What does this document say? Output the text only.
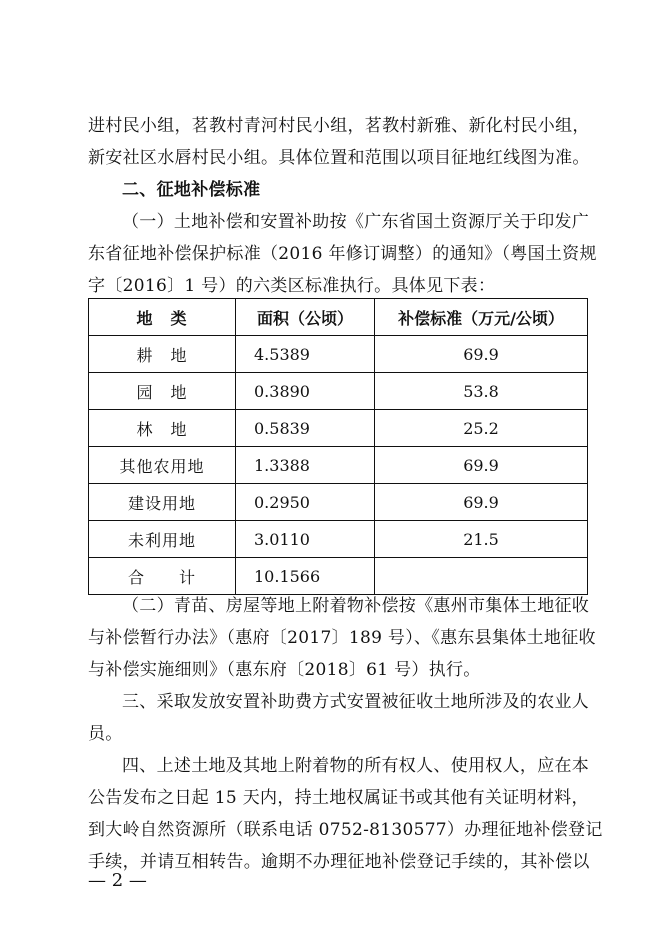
进村民小组，茗教村青河村民小组，茗教村新雅、新化村民小组，
新安社区水唇村民小组。具体位置和范围以项目征地红线图为准。
二、征地补偿标准
（一）土地补偿和安置补助按《广东省国土资源厅关于印发广
东省征地补偿保护标准（2016 年修订调整）的通知》（粤国土资规
字〔2016〕1 号）的六类区标准执行。具体见下表：
地　类	面积（公顷）	补偿标准（万元/公顷）
耕　地	4.5389	69.9
园　地	0.3890	53.8
林　地	0.5839	25.2
其他农用地	1.3388	69.9
建设用地	0.2950	69.9
未利用地	3.0110	21.5
合　　计	10.1566	
（二）青苗、房屋等地上附着物补偿按《惠州市集体土地征收
与补偿暂行办法》（惠府〔2017〕189 号）、《惠东县集体土地征收
与补偿实施细则》（惠东府〔2018〕61 号）执行。
三、采取发放安置补助费方式安置被征收土地所涉及的农业人
员。
四、上述土地及其地上附着物的所有权人、使用权人，应在本
公告发布之日起 15 天内，持土地权属证书或其他有关证明材料，
到大岭自然资源所（联系电话 0752-8130577）办理征地补偿登记
手续，并请互相转告。逾期不办理征地补偿登记手续的，其补偿以
— 2 —
